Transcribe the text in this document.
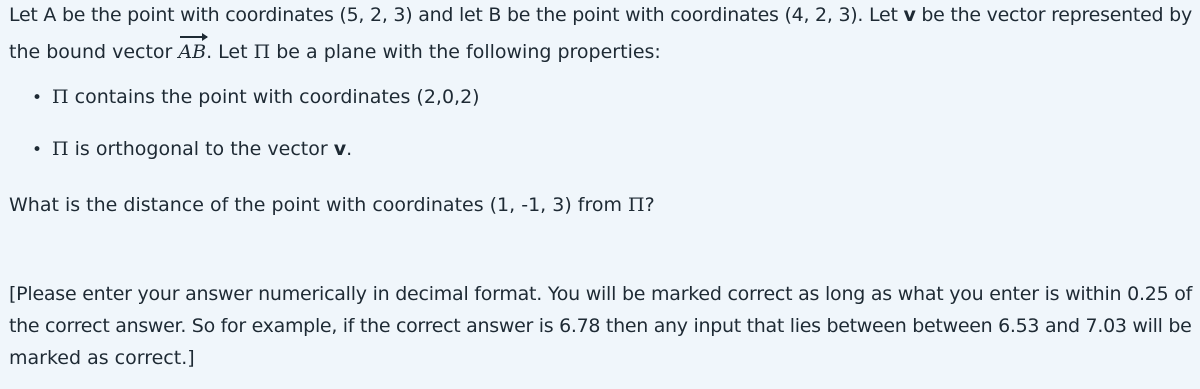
Let A be the point with coordinates (5, 2, 3) and let B be the point with coordinates (4, 2, 3). Let v be the vector represented by
the bound vector AB
. Let Π be a plane with the following properties:
• Π contains the point with coordinates (2,0,2)
• Π is orthogonal to the vector v.
What is the distance of the point with coordinates (1, -1, 3) from Π?
[Please enter your answer numerically in decimal format. You will be marked correct as long as what you enter is within 0.25 of
the correct answer. So for example, if the correct answer is 6.78 then any input that lies between between 6.53 and 7.03 will be
marked as correct.]
